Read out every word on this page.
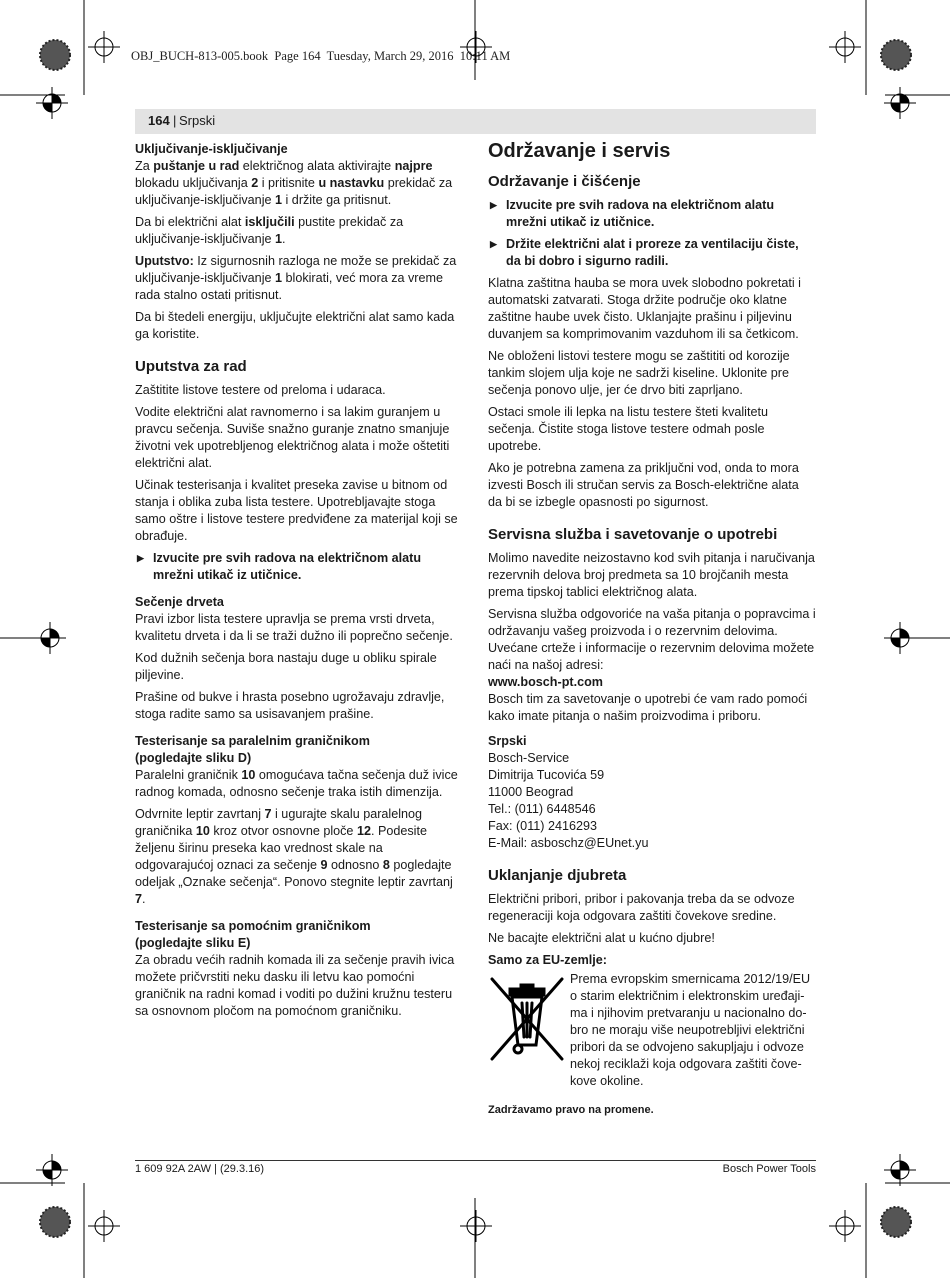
OBJ_BUCH-813-005.book  Page 164  Tuesday, March 29, 2016  10:11 AM
164 | Srpski
Uključivanje-isključivanje

Za puštanje u rad električnog alata aktivirajte najpre blokadu uključivanja 2 i pritisnite u nastavku prekidač za uključivanje-isključivanje 1 i držite ga pritisnut.

Da bi električni alat isključili pustite prekidač za uključivanje-isključivanje 1.

Uputstvo: Iz sigurnosnih razloga ne može se prekidač za uključivanje-isključivanje 1 blokirati, već mora za vreme rada stalno ostati pritisnut.

Da bi štedeli energiju, uključujte električni alat samo kada ga koristite.

Uputstva za rad

Zaštitite listove testere od preloma i udaraca.

Vodite električni alat ravnomerno i sa lakim guranjem u pravcu sečenja. Suviše snažno guranje znatno smanjuje životni vek upotrebljenog električnog alata i može oštetiti električni alat.

Učinak testerisanja i kvalitet preseka zavise u bitnom od stanja i oblika zuba lista testere. Upotrebljavajte stoga samo oštre i listove testere predviđene za materijal koji se obrađuje.

▶ Izvucite pre svih radova na električnom alatu mrežni utikač iz utičnice.
Sečenje drveta

Pravi izbor lista testere upravlja se prema vrsti drveta, kvalitetu drveta i da li se traži dužno ili poprečno sečenje.

Kod dužnih sečenja bora nastaju duge u obliku spirale piljevine.

Prašine od bukve i hrasta posebno ugrožavaju zdravlje, stoga radite samo sa usisavanjem prašine.

Testerisanje sa paralelnim graničnikom
(pogledajte sliku D)

Paralelni graničnik 10 omogućava tačna sečenja duž ivice radnog komada, odnosno sečenje traka istih dimenzija.

Odvrnite leptir zavrtanj 7 i ugurajte skalu paralelnog graničnika 10 kroz otvor osnovne ploče 12. Podesite željenu širinu preseka kao vrednost skale na odgovarajućoj oznaci za sečenje 9 odnosno 8 pogledajte odeljak „Oznake sečenja“. Ponovo stegnite leptir zavrtanj 7.

Testerisanje sa pomoćnim graničnikom
(pogledajte sliku E)

Za obradu većih radnih komada ili za sečenje pravih ivica možete pričvrstiti neku dasku ili letvu kao pomoćni graničnik na radni komad i voditi po dužini kružnu testeru sa osnovnom pločom na pomoćnom graničniku.

Održavanje i servis
Održavanje i čišćenje
▶ Izvucite pre svih radova na električnom alatu mrežni utikač iz utičnice.
▶ Držite električni alat i proreze za ventilaciju čiste, da bi dobro i sigurno radili.

Klatna zaštitna hauba se mora uvek slobodno pokretati i automatski zatvarati. Stoga držite područje oko klatne zaštitne haube uvek čisto. Uklanjajte prašinu i piljevinu duvanjem sa komprimovanim vazduhom ili sa četkicom.

Ne obloženi listovi testere mogu se zaštititi od korozije tankim slojem ulja koje ne sadrži kiseline. Uklonite pre sečenja ponovo ulje, jer će drvo biti zaprljano.

Ostaci smole ili lepka na listu testere šteti kvalitetu sečenja. Čistite stoga listove testere odmah posle upotrebe.

Ako je potrebna zamena za priključni vod, onda to mora izvesti Bosch ili stručan servis za Bosch-električne alata da bi se izbegle opasnosti po sigurnost.

Servisna služba i savetovanje o upotrebi

Molimo navedite neizostavno kod svih pitanja i naručivanja rezervnih delova broj predmeta sa 10 brojčanih mesta prema tipskoj tablici električnog alata.

Servisna služba odgovoriće na vaša pitanja o popravcima i održavanju vašeg proizvoda i o rezervnim delovima. Uvećane crteže i informacije o rezervnim delovima možete naći na našoj adresi:

www.bosch-pt.com

Bosch tim za savetovanje o upotrebi će vam rado pomoći kako imate pitanja o našim proizvodima i priboru.

Srpski
Bosch-Service
Dimitrija Tucovića 59
11000 Beograd
Tel.: (011) 6448546
Fax: (011) 2416293
E-Mail: asboschz@EUnet.yu
Uklanjanje djubreta

Električni pribori, pribor i pakovanja treba da se odvoze regeneraciji koja odgovara zaštiti čovekove sredine.

Ne bacajte električni alat u kućno djubre!

Samo za EU-zemlje:
Prema evropskim smernicama 2012/19/EU o starim električnim i elektronskim uređaji-ma i njihovim pretvaranju u nacionalno do-bro ne moraju više neupotrebljivi električni pribori da se odvojeno sakupljaju i odvoze nekoj reciklaži koja odgovara zaštiti čove-kove okoline.

Zadržavamo pravo na promene.

1 609 92A 2AW | (29.3.16)	Bosch Power Tools
